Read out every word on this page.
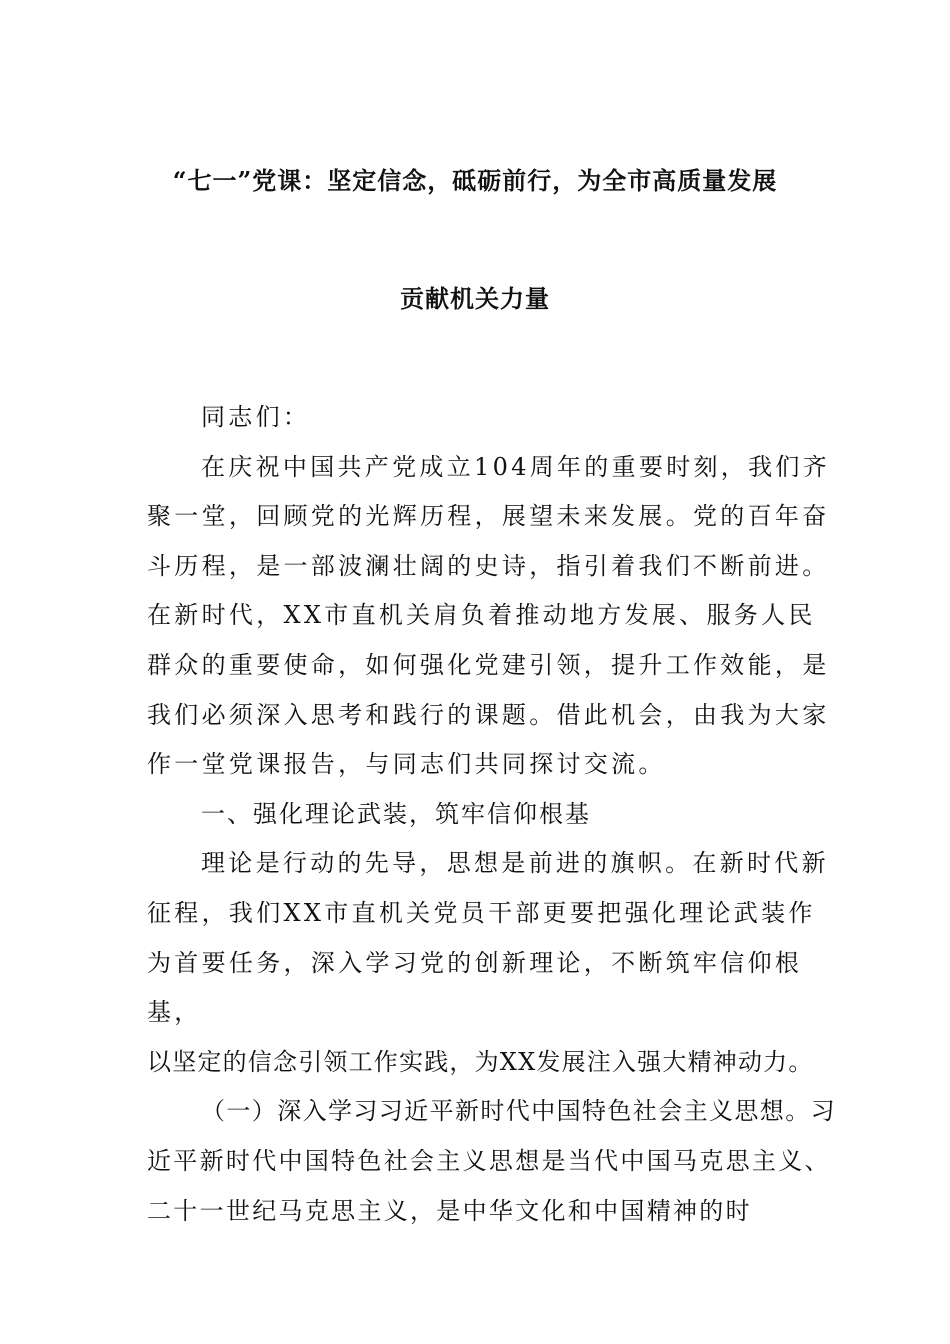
“七一”党课：坚定信念，砥砺前行，为全市高质量发展
贡献机关力量

同志们：

在庆祝中国共产党成立104周年的重要时刻，我们齐聚一堂，回顾党的光辉历程，展望未来发展。党的百年奋斗历程，是一部波澜壮阔的史诗，指引着我们不断前进。在新时代，XX市直机关肩负着推动地方发展、服务人民群众的重要使命，如何强化党建引领，提升工作效能，是我们必须深入思考和践行的课题。借此机会，由我为大家作一堂党课报告，与同志们共同探讨交流。

一、强化理论武装，筑牢信仰根基

理论是行动的先导，思想是前进的旗帜。在新时代新征程，我们XX市直机关党员干部更要把强化理论武装作为首要任务，深入学习党的创新理论，不断筑牢信仰根基，
以坚定的信念引领工作实践，为XX发展注入强大精神动力。

（一）深入学习习近平新时代中国特色社会主义思想。习近平新时代中国特色社会主义思想是当代中国马克思主义、二十一世纪马克思主义，是中华文化和中国精神的时
